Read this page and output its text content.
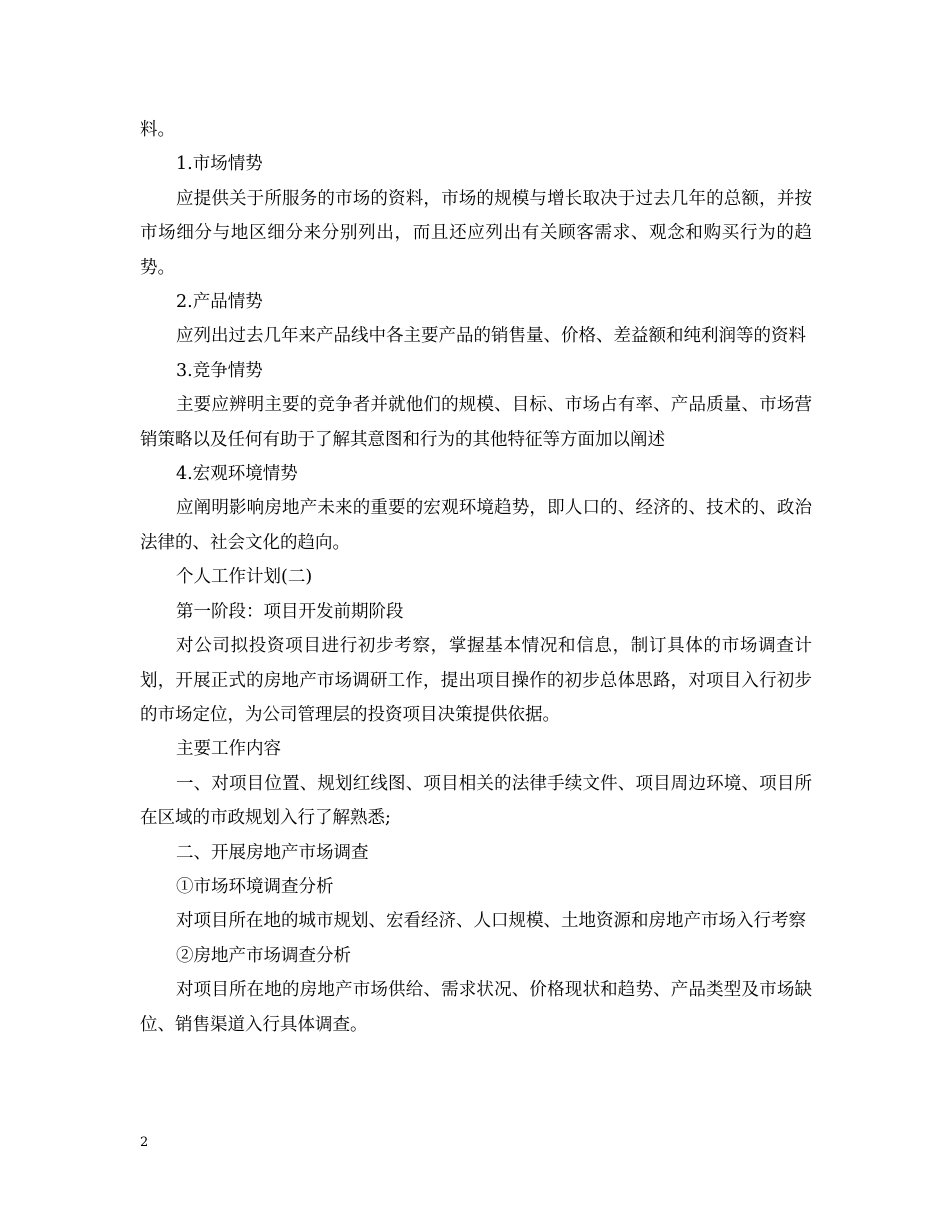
料。

1.市场情势

应提供关于所服务的市场的资料，市场的规模与增长取决于过去几年的总额，并按市场细分与地区细分来分别列出，而且还应列出有关顾客需求、观念和购买行为的趋势。

2.产品情势

应列出过去几年来产品线中各主要产品的销售量、价格、差益额和纯利润等的资料

3.竞争情势

主要应辨明主要的竞争者并就他们的规模、目标、市场占有率、产品质量、市场营销策略以及任何有助于了解其意图和行为的其他特征等方面加以阐述

4.宏观环境情势

应阐明影响房地产未来的重要的宏观环境趋势，即人口的、经济的、技术的、政治法律的、社会文化的趋向。

个人工作计划(二)

第一阶段：项目开发前期阶段

对公司拟投资项目进行初步考察，掌握基本情况和信息，制订具体的市场调查计划，开展正式的房地产市场调研工作，提出项目操作的初步总体思路，对项目入行初步的市场定位，为公司管理层的投资项目决策提供依据。

主要工作内容

一、对项目位置、规划红线图、项目相关的法律手续文件、项目周边环境、项目所在区域的市政规划入行了解熟悉;

二、开展房地产市场调查

①市场环境调查分析

对项目所在地的城市规划、宏看经济、人口规模、土地资源和房地产市场入行考察

②房地产市场调查分析

对项目所在地的房地产市场供给、需求状况、价格现状和趋势、产品类型及市场缺位、销售渠道入行具体调查。

2
